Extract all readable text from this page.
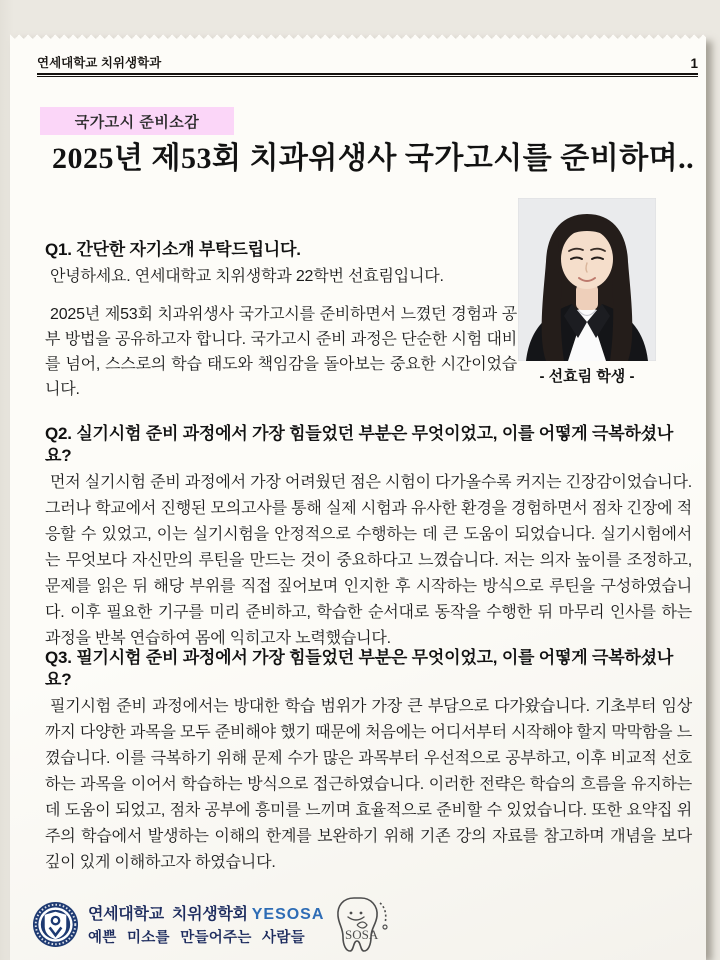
연세대학교 치위생학과	1
국가고시 준비소감
2025년 제53회 치과위생사 국가고시를 준비하며..
- 선효림 학생 -
Q1. 간단한 자기소개 부탁드립니다.

안녕하세요. 연세대학교 치위생학과 22학번 선효림입니다.

2025년 제53회 치과위생사 국가고시를 준비하면서 느꼈던 경험과 공부 방법을 공유하고자 합니다. 국가고시 준비 과정은 단순한 시험 대비를 넘어, 스스로의 학습 태도와 책임감을 돌아보는 중요한 시간이었습니다.

Q2. 실기시험 준비 과정에서 가장 힘들었던 부분은 무엇이었고, 이를 어떻게 극복하셨나요?

먼저 실기시험 준비 과정에서 가장 어려웠던 점은 시험이 다가올수록 커지는 긴장감이었습니다. 그러나 학교에서 진행된 모의고사를 통해 실제 시험과 유사한 환경을 경험하면서 점차 긴장에 적응할 수 있었고, 이는 실기시험을 안정적으로 수행하는 데 큰 도움이 되었습니다. 실기시험에서는 무엇보다 자신만의 루틴을 만드는 것이 중요하다고 느꼈습니다. 저는 의자 높이를 조정하고, 문제를 읽은 뒤 해당 부위를 직접 짚어보며 인지한 후 시작하는 방식으로 루틴을 구성하였습니다. 이후 필요한 기구를 미리 준비하고, 학습한 순서대로 동작을 수행한 뒤 마무리 인사를 하는 과정을 반복 연습하여 몸에 익히고자 노력했습니다.

Q3. 필기시험 준비 과정에서 가장 힘들었던 부분은 무엇이었고, 이를 어떻게 극복하셨나요?

필기시험 준비 과정에서는 방대한 학습 범위가 가장 큰 부담으로 다가왔습니다. 기초부터 임상까지 다양한 과목을 모두 준비해야 했기 때문에 처음에는 어디서부터 시작해야 할지 막막함을 느꼈습니다. 이를 극복하기 위해 문제 수가 많은 과목부터 우선적으로 공부하고, 이후 비교적 선호하는 과목을 이어서 학습하는 방식으로 접근하였습니다. 이러한 전략은 학습의 흐름을 유지하는 데 도움이 되었고, 점차 공부에 흥미를 느끼며 효율적으로 준비할 수 있었습니다. 또한 요약집 위주의 학습에서 발생하는 이해의 한계를 보완하기 위해 기존 강의 자료를 참고하며 개념을 보다 깊이 있게 이해하고자 하였습니다.

연세대학교 치위생학회 YESOSA
예쁜 미소를 만들어주는 사람들	SOSA
